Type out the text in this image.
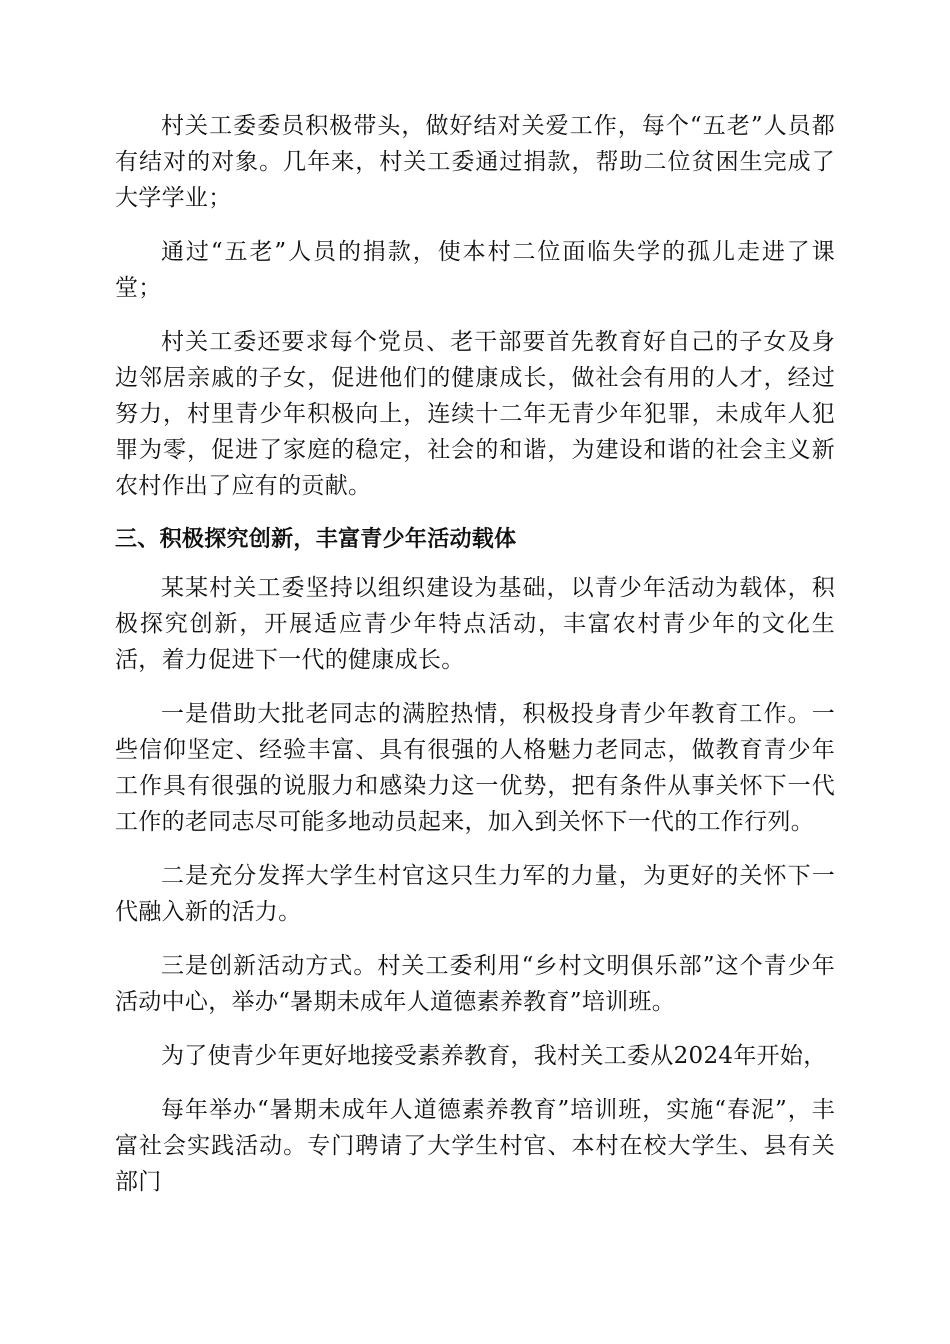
村关工委委员积极带头，做好结对关爱工作，每个“五老”人员都有结对的对象。几年来，村关工委通过捐款，帮助二位贫困生完成了大学学业；

通过“五老”人员的捐款，使本村二位面临失学的孤儿走进了课堂；

村关工委还要求每个党员、老干部要首先教育好自己的子女及身边邻居亲戚的子女，促进他们的健康成长，做社会有用的人才，经过努力，村里青少年积极向上，连续十二年无青少年犯罪，未成年人犯罪为零，促进了家庭的稳定，社会的和谐，为建设和谐的社会主义新农村作出了应有的贡献。

三、积极探究创新，丰富青少年活动载体

某某村关工委坚持以组织建设为基础，以青少年活动为载体，积极探究创新，开展适应青少年特点活动，丰富农村青少年的文化生活，着力促进下一代的健康成长。

一是借助大批老同志的满腔热情，积极投身青少年教育工作。一些信仰坚定、经验丰富、具有很强的人格魅力老同志，做教育青少年工作具有很强的说服力和感染力这一优势，把有条件从事关怀下一代工作的老同志尽可能多地动员起来，加入到关怀下一代的工作行列。

二是充分发挥大学生村官这只生力军的力量，为更好的关怀下一代融入新的活力。

三是创新活动方式。村关工委利用“乡村文明俱乐部”这个青少年活动中心，举办“暑期未成年人道德素养教育”培训班。

为了使青少年更好地接受素养教育，我村关工委从2024年开始，

每年举办“暑期未成年人道德素养教育”培训班，实施“春泥”，丰富社会实践活动。专门聘请了大学生村官、本村在校大学生、县有关部门
